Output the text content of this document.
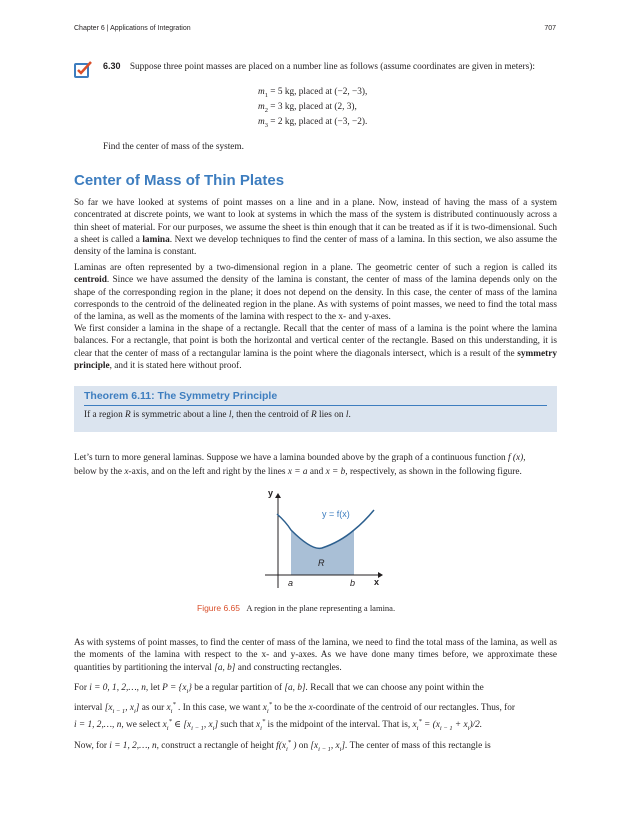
Chapter 6 | Applications of Integration	707
6.30 Suppose three point masses are placed on a number line as follows (assume coordinates are given in meters):
$m_1 = 5$ kg, placed at (−2, −3),
$m_2 = 3$ kg, placed at (2, 3),
$m_3 = 2$ kg, placed at (−3, −2).
Find the center of mass of the system.
Center of Mass of Thin Plates

So far we have looked at systems of point masses on a line and in a plane. Now, instead of having the mass of a system concentrated at discrete points, we want to look at systems in which the mass of the system is distributed continuously across a thin sheet of material. For our purposes, we assume the sheet is thin enough that it can be treated as if it is two-dimensional. Such a sheet is called a lamina. Next we develop techniques to find the center of mass of a lamina. In this section, we also assume the density of the lamina is constant.

Laminas are often represented by a two-dimensional region in a plane. The geometric center of such a region is called its centroid. Since we have assumed the density of the lamina is constant, the center of mass of the lamina depends only on the shape of the corresponding region in the plane; it does not depend on the density. In this case, the center of mass of the lamina corresponds to the centroid of the delineated region in the plane. As with systems of point masses, we need to find the total mass of the lamina, as well as the moments of the lamina with respect to the x- and y-axes.

We first consider a lamina in the shape of a rectangle. Recall that the center of mass of a lamina is the point where the lamina balances. For a rectangle, that point is both the horizontal and vertical center of the rectangle. Based on this understanding, it is clear that the center of mass of a rectangular lamina is the point where the diagonals intersect, which is a result of the symmetry principle, and it is stated here without proof.

Theorem 6.11: The Symmetry Principle
If a region R is symmetric about a line l, then the centroid of R lies on l.
Let’s turn to more general laminas. Suppose we have a lamina bounded above by the graph of a continuous function f (x),
below by the x-axis, and on the left and right by the lines x = a and x = b, respectively, as shown in the following figure.
y
x
y = f(x)
R
a	b
Figure 6.65 A region in the plane representing a lamina.

As with systems of point masses, to find the center of mass of the lamina, we need to find the total mass of the lamina, as well as the moments of the lamina with respect to the x- and y-axes. As we have done many times before, we approximate these quantities by partitioning the interval [a, b] and constructing rectangles.

For i = 0, 1, 2,…, n, let $P = \{x_i\}$ be a regular partition of [a, b]. Recall that we can choose any point within the
interval [$x_{i - 1}$, $x_i$] as our $x_i^*$ . In this case, we want $x_i^*$ to be the x-coordinate of the centroid of our rectangles. Thus, for
i = 1, 2,…, n, we select $x_i^*$ ∈ [$x_{i - 1}$, $x_i$] such that $x_i^*$ is the midpoint of the interval. That is, $x_i^* = (x_{i - 1} + x_i)/2$.
Now, for i = 1, 2,…, n, construct a rectangle of height $f(x_i^*$ ) on [$x_{i - 1}$, $x_i$]. The center of mass of this rectangle is
